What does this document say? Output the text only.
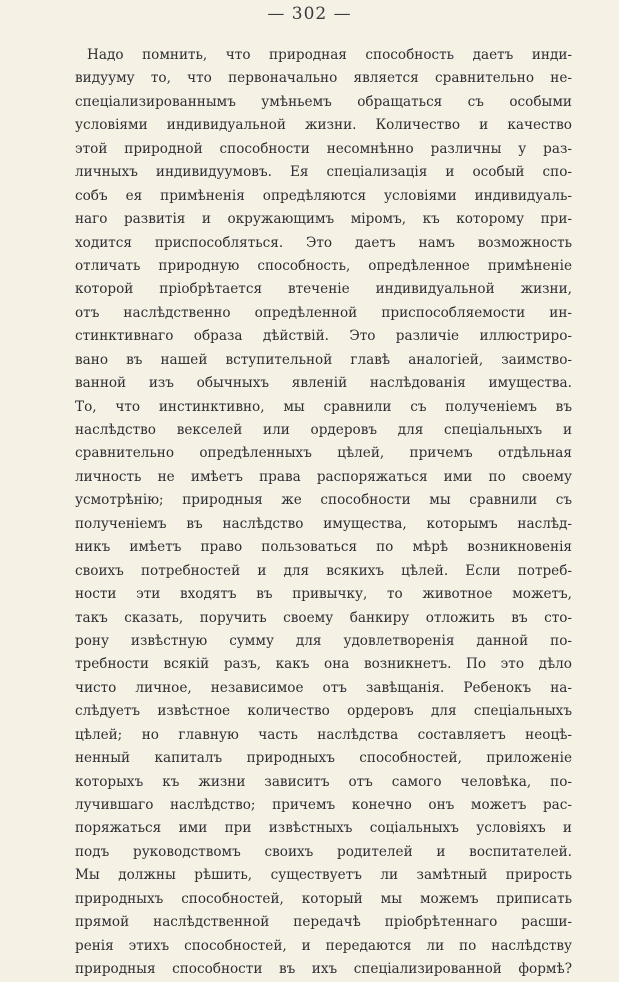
— 302 —
Надо помнить, что природная способность даетъ инди-
видууму то, что первоначально является сравнительно не-
спеціализированнымъ умѣньемъ обращаться съ особыми
условіями индивидуальной жизни. Количество и качество
этой природной способности несомнѣнно различны у раз-
личныхъ индивидуумовъ. Ея спеціализація и особый спо-
собъ ея примѣненія опредѣляются условіями индивидуаль-
наго развитія и окружающимъ міромъ, къ которому при-
ходится приспособляться. Это даетъ намъ возможность
отличать природную способность, опредѣленное примѣненіе
которой пріобрѣтается втеченіе индивидуальной жизни,
отъ наслѣдственно опредѣленной приспособляемости ин-
стинктивнаго образа дѣйствій. Это различіе иллюстриро-
вано въ нашей вступительной главѣ аналогіей, заимство-
ванной изъ обычныхъ явленій наслѣдованія имущества.
То, что инстинктивно, мы сравнили съ полученіемъ въ
наслѣдство векселей или ордеровъ для спеціальныхъ и
сравнительно опредѣленныхъ цѣлей, причемъ отдѣльная
личность не имѣетъ права распоряжаться ими по своему
усмотрѣнію; природныя же способности мы сравнили съ
полученіемъ въ наслѣдство имущества, которымъ наслѣд-
никъ имѣетъ право пользоваться по мѣрѣ возникновенія
своихъ потребностей и для всякихъ цѣлей. Если потреб-
ности эти входятъ въ привычку, то животное можетъ,
такъ сказать, поручить своему банкиру отложить въ сто-
рону извѣстную сумму для удовлетворенія данной по-
требности всякій разъ, какъ она возникнетъ. По это дѣло
чисто личное, независимое отъ завѣщанія. Ребенокъ на-
слѣдуетъ извѣстное количество ордеровъ для спеціальныхъ
цѣлей; но главную часть наслѣдства составляетъ неоцѣ-
ненный капиталъ природныхъ способностей, приложеніе
которыхъ къ жизни зависитъ отъ самого человѣка, по-
лучившаго наслѣдство; причемъ конечно онъ можетъ рас-
поряжаться ими при извѣстныхъ соціальныхъ условіяхъ и
подъ руководствомъ своихъ родителей и воспитателей.
Мы должны рѣшить, существуетъ ли замѣтный прирость
природныхъ способностей, который мы можемъ приписать
прямой наслѣдственной передачѣ пріобрѣтеннаго расши-
ренія этихъ способностей, и передаются ли по наслѣдству
природныя способности въ ихъ спеціализированной формѣ?
